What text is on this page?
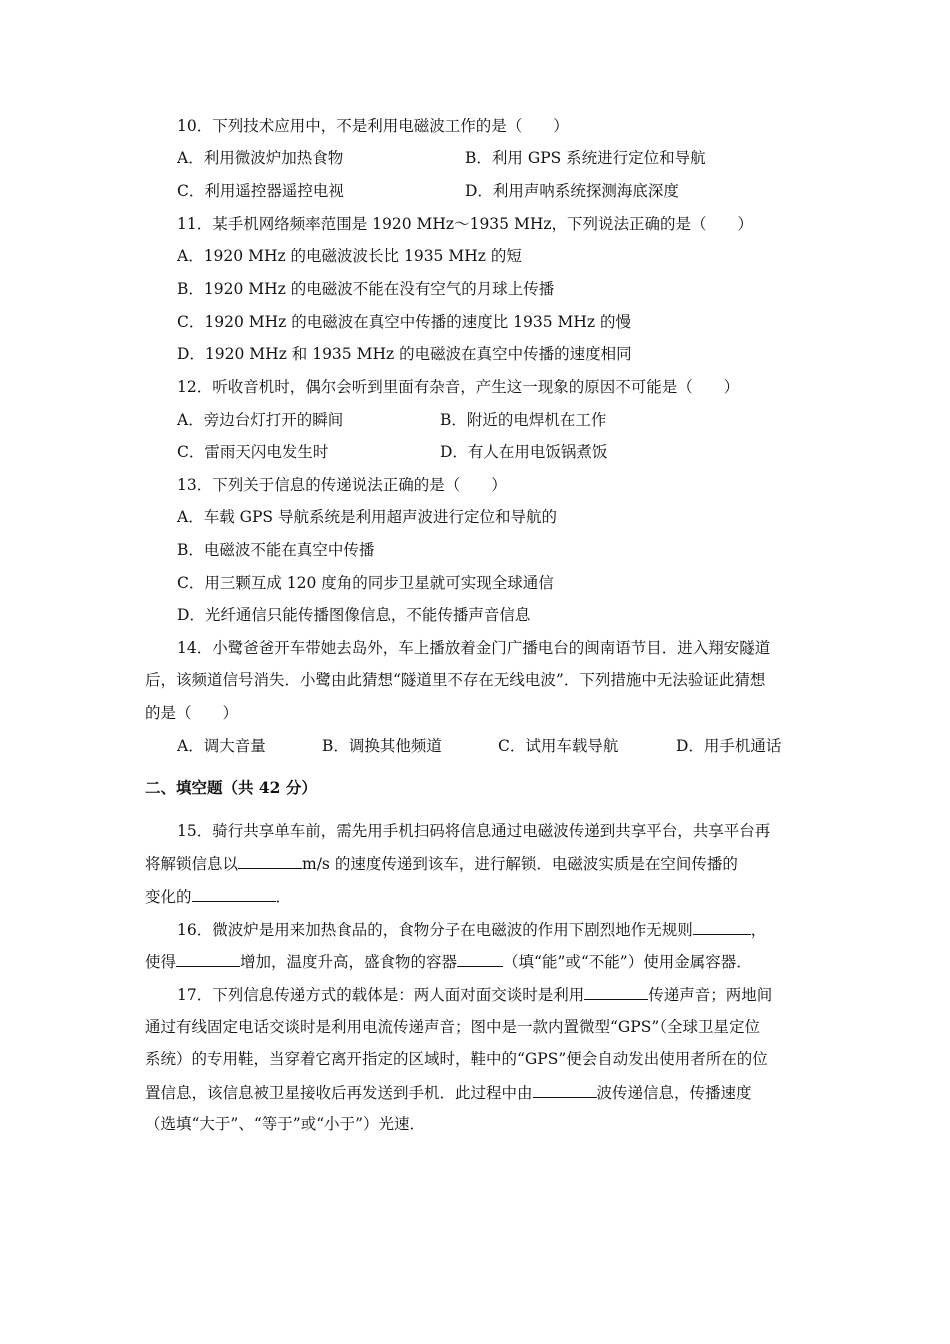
10．下列技术应用中，不是利用电磁波工作的是（　　）
A．利用微波炉加热食物	B．利用 GPS 系统进行定位和导航
C．利用遥控器遥控电视	D．利用声呐系统探测海底深度
11．某手机网络频率范围是 1920 MHz～1935 MHz，下列说法正确的是（　　）
A．1920 MHz 的电磁波波长比 1935 MHz 的短
B．1920 MHz 的电磁波不能在没有空气的月球上传播
C．1920 MHz 的电磁波在真空中传播的速度比 1935 MHz 的慢
D．1920 MHz 和 1935 MHz 的电磁波在真空中传播的速度相同
12．听收音机时，偶尔会听到里面有杂音，产生这一现象的原因不可能是（　　）
A．旁边台灯打开的瞬间	B．附近的电焊机在工作
C．雷雨天闪电发生时	D．有人在用电饭锅煮饭
13．下列关于信息的传递说法正确的是（　　）
A．车载 GPS 导航系统是利用超声波进行定位和导航的
B．电磁波不能在真空中传播
C．用三颗互成 120 度角的同步卫星就可实现全球通信
D．光纤通信只能传播图像信息，不能传播声音信息
14．小鹭爸爸开车带她去岛外，车上播放着金门广播电台的闽南语节目．进入翔安隧道
后，该频道信号消失．小鹭由此猜想“隧道里不存在无线电波”．下列措施中无法验证此猜想
的是（　　）
A．调大音量	B．调换其他频道	C．试用车载导航	D．用手机通话
二、填空题（共 42 分）
15．骑行共享单车前，需先用手机扫码将信息通过电磁波传递到共享平台，共享平台再
将解锁信息以	m/s 的速度传递到该车，进行解锁．电磁波实质是在空间传播的
变化的	．
16．微波炉是用来加热食品的，食物分子在电磁波的作用下剧烈地作无规则	，
使得	增加，温度升高，盛食物的容器	（填“能”或“不能”）使用金属容器．
17．下列信息传递方式的载体是：两人面对面交谈时是利用	传递声音；两地间
通过有线固定电话交谈时是利用电流传递声音；图中是一款内置微型“GPS”（全球卫星定位
系统）的专用鞋，当穿着它离开指定的区域时，鞋中的“GPS”便会自动发出使用者所在的位
置信息，该信息被卫星接收后再发送到手机．此过程中由	波传递信息，传播速度
（选填“大于”、“等于”或“小于”）光速．
